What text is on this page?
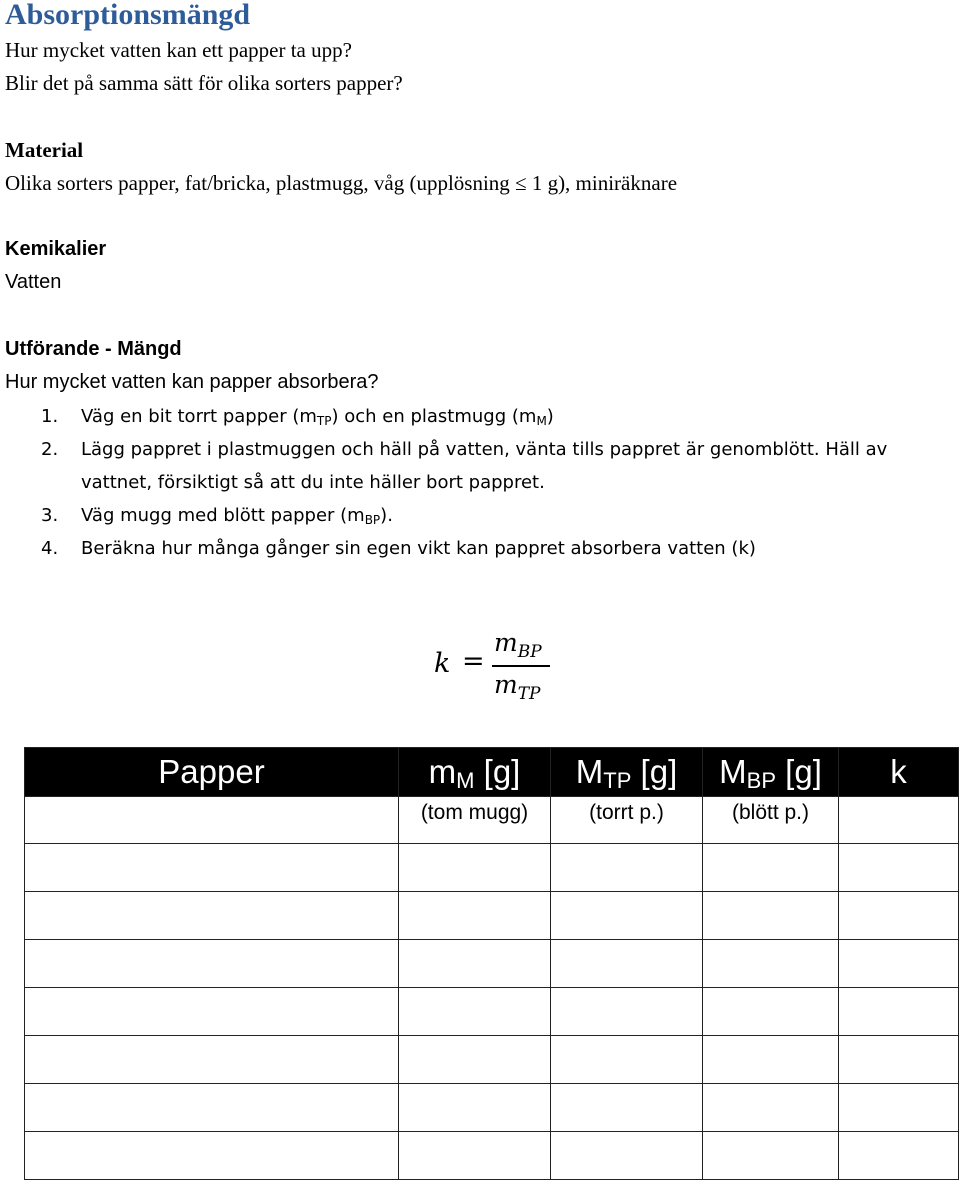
Absorptionsmängd
Hur mycket vatten kan ett papper ta upp?
Blir det på samma sätt för olika sorters papper?
Material
Olika sorters papper, fat/bricka, plastmugg, våg (upplösning ≤ 1 g), miniräknare
Kemikalier
Vatten
Utförande - Mängd
Hur mycket vatten kan papper absorbera?
1. Väg en bit torrt papper $(m_{TP})$ och en plastmugg $(m_M)$
2. Lägg pappret i plastmuggen och häll på vatten, vänta tills pappret är genomblött. Häll av
vattnet, försiktigt så att du inte häller bort pappret.
3. Väg mugg med blött papper $(m_{BP})$.
4. Beräkna hur många gånger sin egen vikt kan pappret absorbera vatten (k)
k =
$m_{BP}$
$m_{TP}$
Papper	$m_M$ [g]	$M_{TP}$ [g]	$M_{BP}$ [g]	k
	(tom mugg)	(torrt p.)	(blött p.)	
